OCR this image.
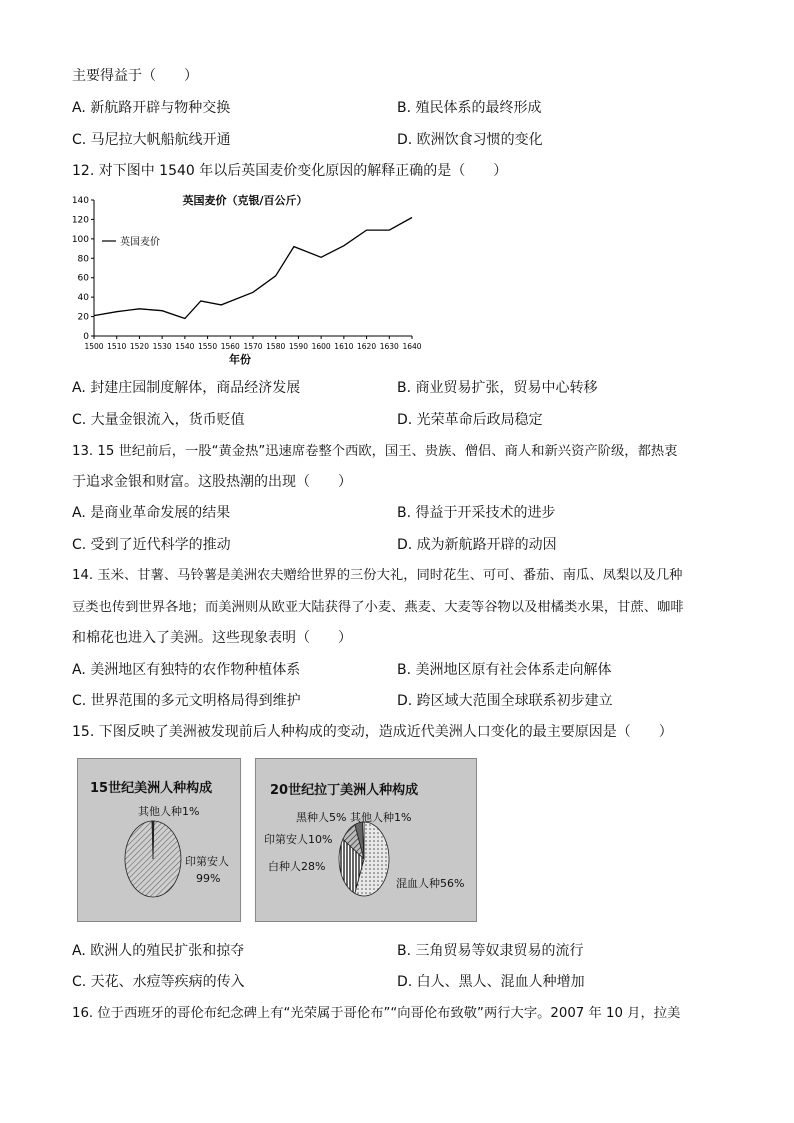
主要得益于（　　）
A. 新航路开辟与物种交换	B. 殖民体系的最终形成
C. 马尼拉大帆船航线开通	D. 欧洲饮食习惯的变化
12. 对下图中 1540 年以后英国麦价变化原因的解释正确的是（　　）
0
20
40
60
80
100
120
140
1500 1510 1520 1530 1540 1550 1560 1570 1580 1590 1600 1610 1620 1630 1640
英国麦价（克银/百公斤）
英国麦价
年份
A. 封建庄园制度解体，商品经济发展	B. 商业贸易扩张，贸易中心转移
C. 大量金银流入，货币贬值	D. 光荣革命后政局稳定
13. 15 世纪前后，一股“黄金热”迅速席卷整个西欧，国王、贵族、僧侣、商人和新兴资产阶级，都热衷
于追求金银和财富。这股热潮的出现（　　）
A. 是商业革命发展的结果	B. 得益于开采技术的进步
C. 受到了近代科学的推动	D. 成为新航路开辟的动因
14. 玉米、甘薯、马铃薯是美洲农夫赠给世界的三份大礼，同时花生、可可、番茄、南瓜、凤梨以及几种
豆类也传到世界各地；而美洲则从欧亚大陆获得了小麦、燕麦、大麦等谷物以及柑橘类水果，甘蔗、咖啡
和棉花也进入了美洲。这些现象表明（　　）
A. 美洲地区有独特的农作物种植体系	B. 美洲地区原有社会体系走向解体
C. 世界范围的多元文明格局得到维护	D. 跨区域大范围全球联系初步建立
15. 下图反映了美洲被发现前后人种构成的变动，造成近代美洲人口变化的最主要原因是（　　）
15世纪美洲人种构成
其他人种1%
印第安人
99%
20世纪拉丁美洲人种构成
黑种人5% 其他人种1%
印第安人10%
白种人28%
混血人种56%
A. 欧洲人的殖民扩张和掠夺	B. 三角贸易等奴隶贸易的流行
C. 天花、水痘等疾病的传入	D. 白人、黑人、混血人种增加
16. 位于西班牙的哥伦布纪念碑上有“光荣属于哥伦布”“向哥伦布致敬”两行大字。2007 年 10 月，拉美
